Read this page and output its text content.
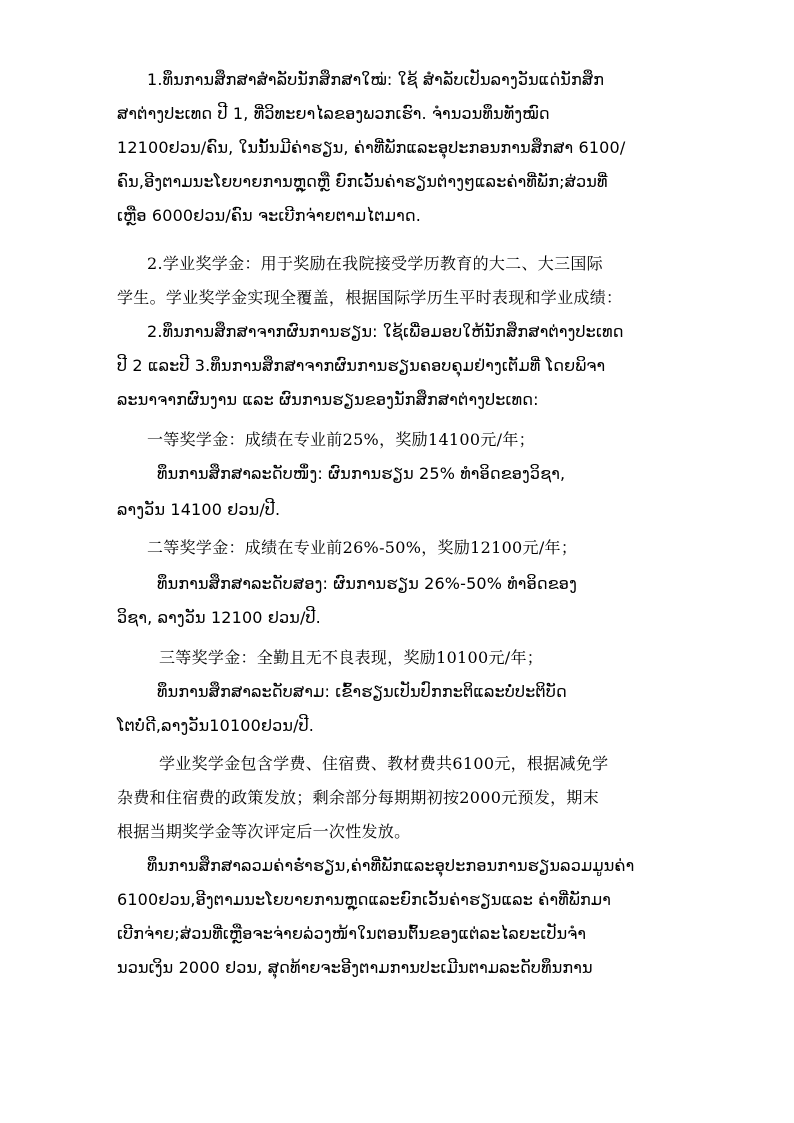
1.ທຶນການສຶກສາສຳລັບນັກສຶກສາໃໝ່: ໃຊ້ ສຳລັບເປັນລາງວັນແດ່ນັກສຶກ
ສາຕ່າງປະເທດ ປີ 1, ທີ່ວິທະຍາໄລຂອງພວກເຮົາ. ຈຳນວນທຶນທັງໝົດ
12100ຢວນ/ຄົນ, ໃນນັ້ນມີຄ່າຮຽນ, ຄ່າທີ່ພັກແລະອຸປະກອນການສຶກສາ 6100/
ຄົນ,ອີງຕາມນະໂຍບາຍການຫຼຸດຫຼື ຍົກເວັ້ນຄ່າຮຽນຕ່າງໆແລະຄ່າທີ່ພັກ;ສ່ວນທີ່
ເຫຼືອ 6000ຢວນ/ຄົນ ຈະເບີກຈ່າຍຕາມໄຕມາດ.
2.学业奖学金：用于奖励在我院接受学历教育的大二、大三国际
学生。学业奖学金实现全覆盖，根据国际学历生平时表现和学业成绩：
2.ທຶນການສຶກສາຈາກຜົນການຮຽນ: ໃຊ້ເພື່ອມອບໃຫ້ນັກສຶກສາຕ່າງປະເທດ
ປີ 2 ແລະປີ 3.ທຶນການສຶກສາຈາກຜົນການຮຽນຄອບຄຸມຢ່າງເຕັມທີ່ ໂດຍພິຈາ
ລະນາຈາກຜົນງານ ແລະ ຜົນການຮຽນຂອງນັກສຶກສາຕ່າງປະເທດ:
一等奖学金：成绩在专业前25%，奖励14100元/年；
ທຶນການສຶກສາລະດັບໜຶ່ງ: ຜົນການຮຽນ 25% ທຳອິດຂອງວິຊາ,
ລາງວັນ 14100 ຢວນ/ປີ.
二等奖学金：成绩在专业前26%-50%，奖励12100元/年；
ທຶນການສຶກສາລະດັບສອງ: ຜົນການຮຽນ 26%-50% ທຳອິດຂອງ
ວິຊາ, ລາງວັນ 12100 ຢວນ/ປີ.
三等奖学金：全勤且无不良表现，奖励10100元/年；
ທຶນການສຶກສາລະດັບສາມ: ເຂົ້າຮຽນເປັນປົກກະຕິແລະບໍ່ປະຕິບັດ
ໂຕບໍ່ດີ,ລາງວັນ10100ຢວນ/ປີ.
学业奖学金包含学费、住宿费、教材费共6100元，根据减免学
杂费和住宿费的政策发放；剩余部分每期期初按2000元预发，期末
根据当期奖学金等次评定后一次性发放。
ທຶນການສຶກສາລວມຄ່າຮ່ຳຮຽນ,ຄ່າທີ່ພັກແລະອຸປະກອນການຮຽນລວມມູນຄ່າ
6100ຢວນ,ອີງຕາມນະໂຍບາຍການຫຼຸດແລະຍົກເວັ້ນຄ່າຮຽນແລະ ຄ່າທີ່ພັກມາ
ເບີກຈ່າຍ;ສ່ວນທີ່ເຫຼືອຈະຈ່າຍລ່ວງໜ້າໃນຕອນຕົ້ນຂອງແຕ່ລະໄລຍະເປັນຈຳ
ນວນເງິນ 2000 ຢວນ, ສຸດທ້າຍຈະອີງຕາມການປະເມີນຕາມລະດັບທຶນການ
